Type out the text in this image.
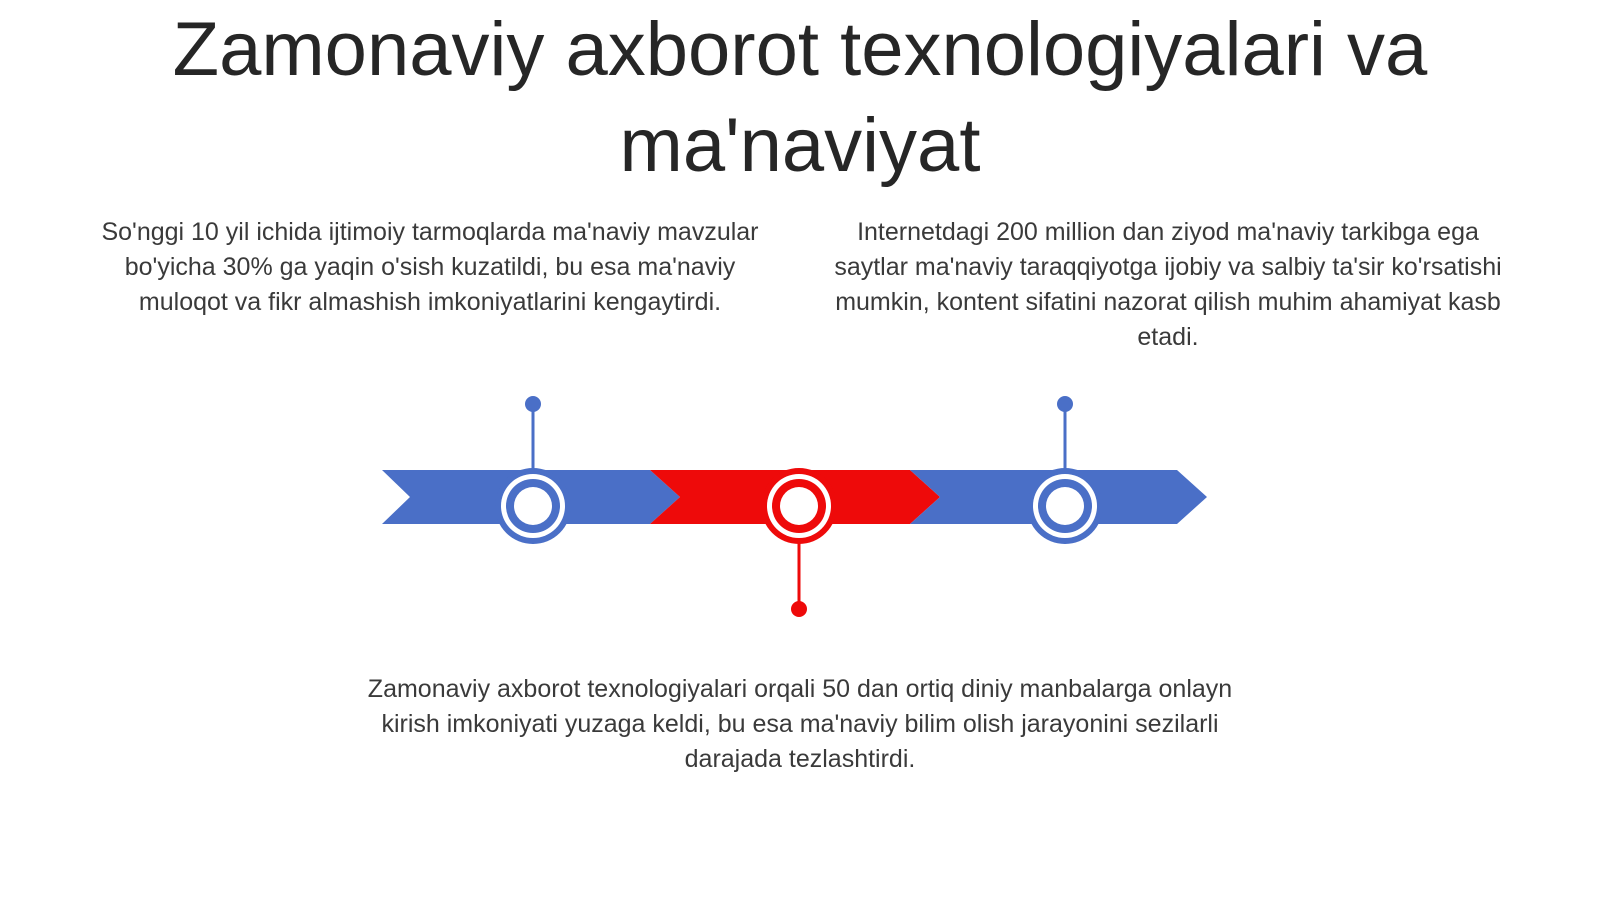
Zamonaviy axborot texnologiyalari va ma'naviyat

So'nggi 10 yil ichida ijtimoiy tarmoqlarda ma'naviy mavzular bo'yicha 30% ga yaqin o'sish kuzatildi, bu esa ma'naviy muloqot va fikr almashish imkoniyatlarini kengaytirdi.

Internetdagi 200 million dan ziyod ma'naviy tarkibga ega saytlar ma'naviy taraqqiyotga ijobiy va salbiy ta'sir ko'rsatishi mumkin, kontent sifatini nazorat qilish muhim ahamiyat kasb etadi.

Zamonaviy axborot texnologiyalari orqali 50 dan ortiq diniy manbalarga onlayn kirish imkoniyati yuzaga keldi, bu esa ma'naviy bilim olish jarayonini sezilarli darajada tezlashtirdi.
